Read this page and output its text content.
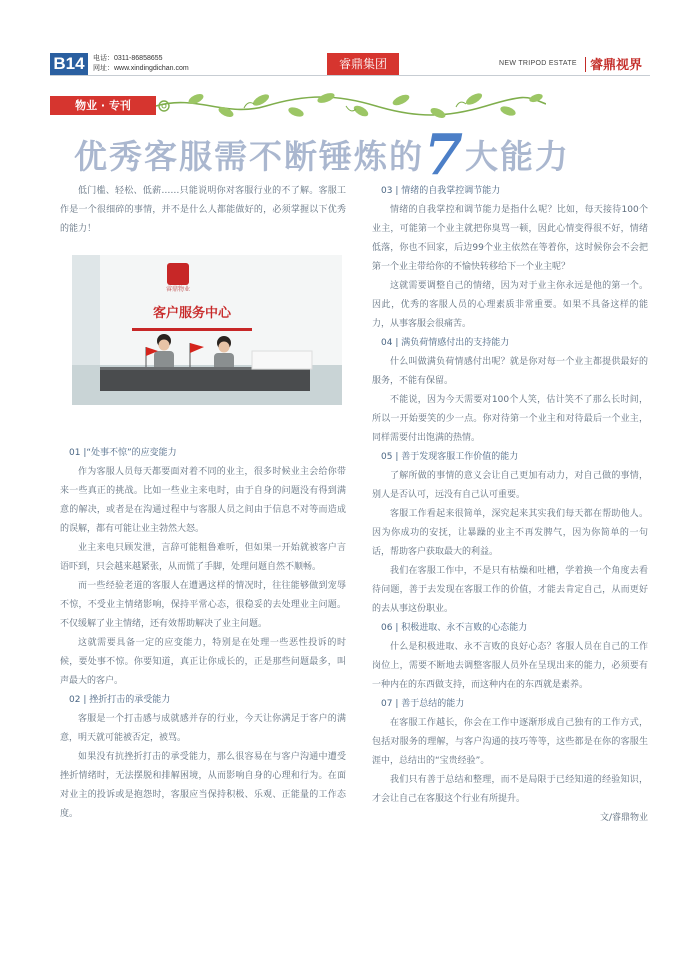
B14	电话：0311-86858655
网址：www.xindingdichan.com	睿鼎集团	NEW TRIPOD ESTATE 睿鼎视界
物业 · 专刊
优秀客服需不断锤炼的7大能力

低门槛、轻松、低薪……只能说明你对客服行业的不了解。客服工作是一个很细碎的事情，并不是什么人都能做好的，必须掌握以下优秀的能力！

睿鼎物业
客户服务中心

01 |“处事不惊”的应变能力

作为客服人员每天都要面对着不同的业主，很多时候业主会给你带来一些真正的挑战。比如一些业主来电时，由于自身的问题没有得到满意的解决，或者是在沟通过程中与客服人员之间由于信息不对等而造成的误解，都有可能让业主勃然大怒。

业主来电只顾发泄，言辞可能粗鲁难听，但如果一开始就被客户言语吓到，只会越来越紧张，从而慌了手脚，处理问题自然不顺畅。

而一些经验老道的客服人在遭遇这样的情况时，往往能够做到宠辱不惊，不受业主情绪影响，保持平常心态，很稳妥的去处理业主问题。不仅缓解了业主情绪，还有效帮助解决了业主问题。

这就需要具备一定的应变能力，特别是在处理一些恶性投诉的时候，要处事不惊。你要知道，真正让你成长的，正是那些问题最多，叫声最大的客户。

02 | 挫折打击的承受能力

客服是一个打击感与成就感并存的行业，今天让你满足于客户的满意，明天就可能被否定，被骂。

如果没有抗挫折打击的承受能力，那么很容易在与客户沟通中遭受挫折情绪时，无法摆脱和排解困境，从而影响自身的心理和行为。在面对业主的投诉或是抱怨时，客服应当保持积极、乐观、正能量的工作态度。

03 | 情绪的自我掌控调节能力

情绪的自我掌控和调节能力是指什么呢？比如，每天接待100个业主，可能第一个业主就把你臭骂一顿，因此心情变得很不好，情绪低落，你也不回家，后边99个业主依然在等着你，这时候你会不会把第一个业主带给你的不愉快转移给下一个业主呢？

这就需要调整自己的情绪，因为对于业主你永远是他的第一个。因此，优秀的客服人员的心理素质非常重要。如果不具备这样的能力，从事客服会很痛苦。

04 | 满负荷情感付出的支持能力

什么叫做满负荷情感付出呢？就是你对每一个业主都提供最好的服务，不能有保留。

不能说，因为今天需要对100个人笑，估计笑不了那么长时间，所以一开始要笑的少一点。你对待第一个业主和对待最后一个业主，同样需要付出饱满的热情。

05 | 善于发现客服工作价值的能力

了解所做的事情的意义会让自己更加有动力，对自己做的事情，别人是否认可，远没有自己认可重要。

客服工作看起来很简单，深究起来其实我们每天都在帮助他人。因为你成功的安抚，让暴躁的业主不再发脾气，因为你简单的一句话，帮助客户获取最大的利益。

我们在客服工作中，不是只有枯燥和吐槽，学着换一个角度去看待问题，善于去发现在客服工作的价值，才能去肯定自己，从而更好的去从事这份职业。

06 | 积极进取、永不言败的心态能力

什么是积极进取、永不言败的良好心态？客服人员在自己的工作岗位上，需要不断地去调整客服人员外在呈现出来的能力，必须要有一种内在的东西做支持，而这种内在的东西就是素养。

07 | 善于总结的能力

在客服工作越长，你会在工作中逐渐形成自己独有的工作方式，包括对服务的理解，与客户沟通的技巧等等，这些都是在你的客服生涯中，总结出的“宝贵经验”。

我们只有善于总结和整理，而不是局限于已经知道的经验知识，才会让自己在客服这个行业有所提升。

文/睿鼎物业
